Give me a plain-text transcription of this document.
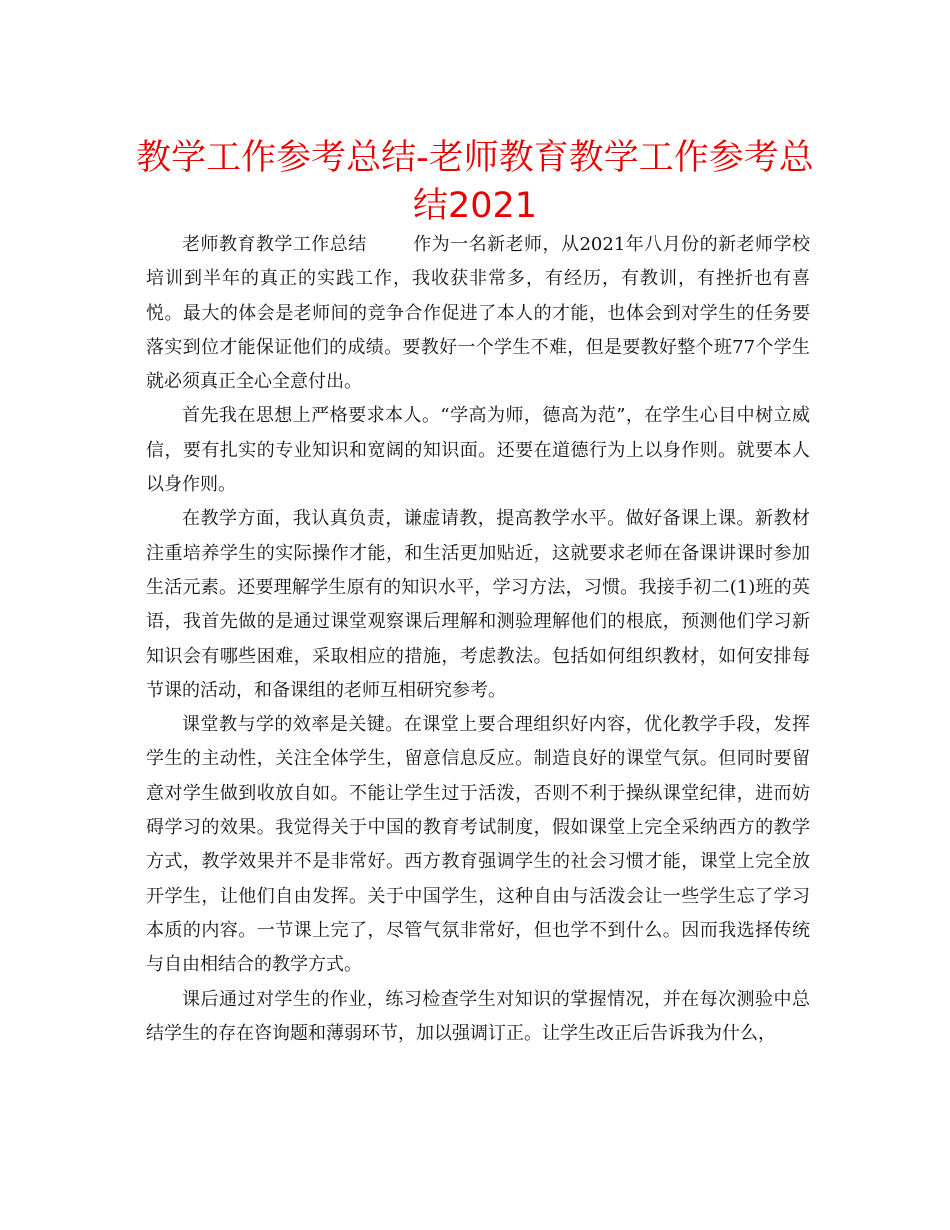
教学工作参考总结-老师教育教学工作参考总结2021

老师教育教学工作总结	作为一名新老师，从2021年八月份的新老师学校培训到半年的真正的实践工作，我收获非常多，有经历，有教训，有挫折也有喜悦。最大的体会是老师间的竞争合作促进了本人的才能，也体会到对学生的任务要落实到位才能保证他们的成绩。要教好一个学生不难，但是要教好整个班77个学生就必须真正全心全意付出。

首先我在思想上严格要求本人。“学高为师，德高为范”，在学生心目中树立威信，要有扎实的专业知识和宽阔的知识面。还要在道德行为上以身作则。就要本人以身作则。

在教学方面，我认真负责，谦虚请教，提高教学水平。做好备课上课。新教材注重培养学生的实际操作才能，和生活更加贴近，这就要求老师在备课讲课时参加生活元素。还要理解学生原有的知识水平，学习方法，习惯。我接手初二(1)班的英语，我首先做的是通过课堂观察课后理解和测验理解他们的根底，预测他们学习新知识会有哪些困难，采取相应的措施，考虑教法。包括如何组织教材，如何安排每节课的活动，和备课组的老师互相研究参考。

课堂教与学的效率是关键。在课堂上要合理组织好内容，优化教学手段，发挥学生的主动性，关注全体学生，留意信息反应。制造良好的课堂气氛。但同时要留意对学生做到收放自如。不能让学生过于活泼，否则不利于操纵课堂纪律，进而妨碍学习的效果。我觉得关于中国的教育考试制度，假如课堂上完全采纳西方的教学方式，教学效果并不是非常好。西方教育强调学生的社会习惯才能，课堂上完全放开学生，让他们自由发挥。关于中国学生，这种自由与活泼会让一些学生忘了学习本质的内容。一节课上完了，尽管气氛非常好，但也学不到什么。因而我选择传统与自由相结合的教学方式。

课后通过对学生的作业，练习检查学生对知识的掌握情况，并在每次测验中总结学生的存在咨询题和薄弱环节，加以强调订正。让学生改正后告诉我为什么，
